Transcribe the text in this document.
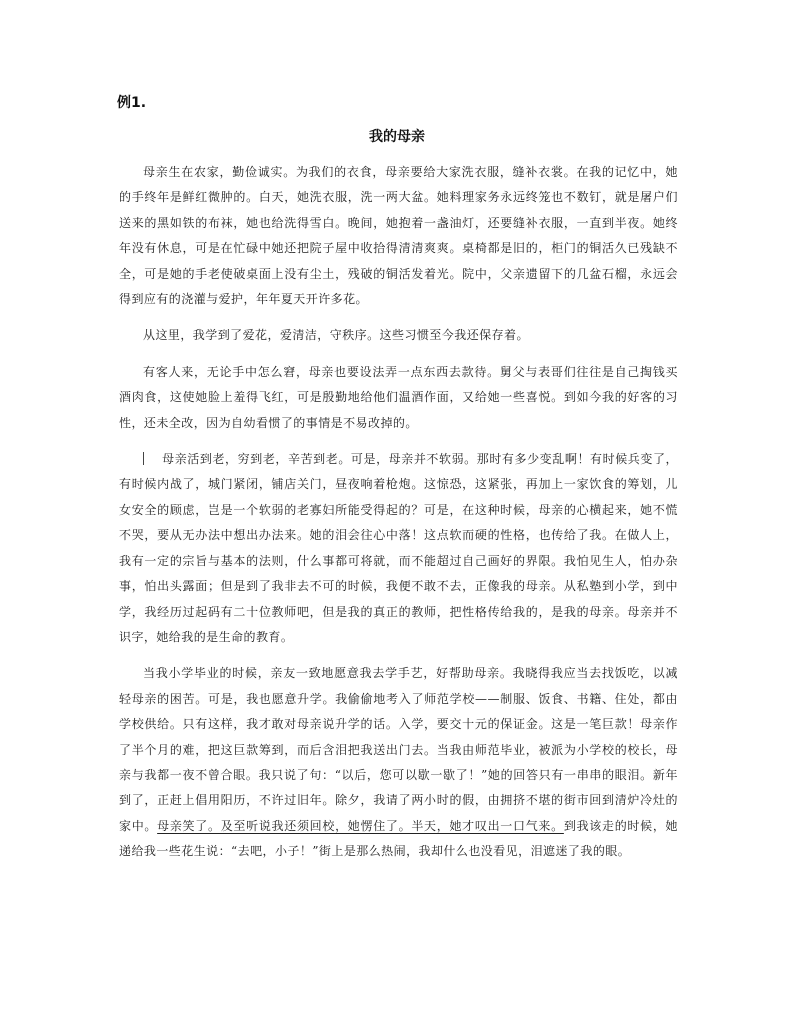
例1.
我的母亲

母亲生在农家，勤俭诚实。为我们的衣食，母亲要给大家洗衣服，缝补衣裳。在我的记忆中，她的手终年是鲜红微肿的。白天，她洗衣服，洗一两大盆。她料理家务永远终笼也不数钉，就是屠户们送来的黑如铁的布袜，她也给洗得雪白。晚间，她抱着一盏油灯，还要缝补衣服，一直到半夜。她终年没有休息，可是在忙碌中她还把院子屋中收拾得清清爽爽。桌椅都是旧的，柜门的铜活久已残缺不全，可是她的手老使破桌面上没有尘土，残破的铜活发着光。院中，父亲遗留下的几盆石榴，永远会得到应有的浇灌与爱护，年年夏天开许多花。

从这里，我学到了爱花，爱清洁，守秩序。这些习惯至今我还保存着。

有客人来，无论手中怎么窘，母亲也要设法弄一点东西去款待。舅父与表哥们往往是自己掏钱买酒肉食，这使她脸上羞得飞红，可是殷勤地给他们温酒作面，又给她一些喜悦。到如今我的好客的习性，还未全改，因为自幼看惯了的事情是不易改掉的。

母亲活到老，穷到老，辛苦到老。可是，母亲并不软弱。那时有多少变乱啊！有时候兵变了，有时候内战了，城门紧闭，铺店关门，昼夜响着枪炮。这惊恐，这紧张，再加上一家饮食的筹划，儿女安全的顾虑，岂是一个软弱的老寡妇所能受得起的？可是，在这种时候，母亲的心横起来，她不慌不哭，要从无办法中想出办法来。她的泪会往心中落！这点软而硬的性格，也传给了我。在做人上，我有一定的宗旨与基本的法则，什么事都可将就，而不能超过自己画好的界限。我怕见生人，怕办杂事，怕出头露面；但是到了我非去不可的时候，我便不敢不去，正像我的母亲。从私塾到小学，到中学，我经历过起码有二十位教师吧，但是我的真正的教师，把性格传给我的，是我的母亲。母亲并不识字，她给我的是生命的教育。

当我小学毕业的时候，亲友一致地愿意我去学手艺，好帮助母亲。我晓得我应当去找饭吃，以减轻母亲的困苦。可是，我也愿意升学。我偷偷地考入了师范学校——制服、饭食、书籍、住处，都由学校供给。只有这样，我才敢对母亲说升学的话。入学，要交十元的保证金。这是一笔巨款！母亲作了半个月的难，把这巨款筹到，而后含泪把我送出门去。当我由师范毕业，被派为小学校的校长，母亲与我都一夜不曾合眼。我只说了句：“以后，您可以歇一歇了！”她的回答只有一串串的眼泪。新年到了，正赶上倡用阳历，不许过旧年。除夕，我请了两小时的假，由拥挤不堪的街市回到清炉冷灶的家中。母亲笑了。及至听说我还须回校，她愣住了。半天，她才叹出一口气来。到我该走的时候，她递给我一些花生说：“去吧，小子！”街上是那么热闹，我却什么也没看见，泪遮迷了我的眼。
